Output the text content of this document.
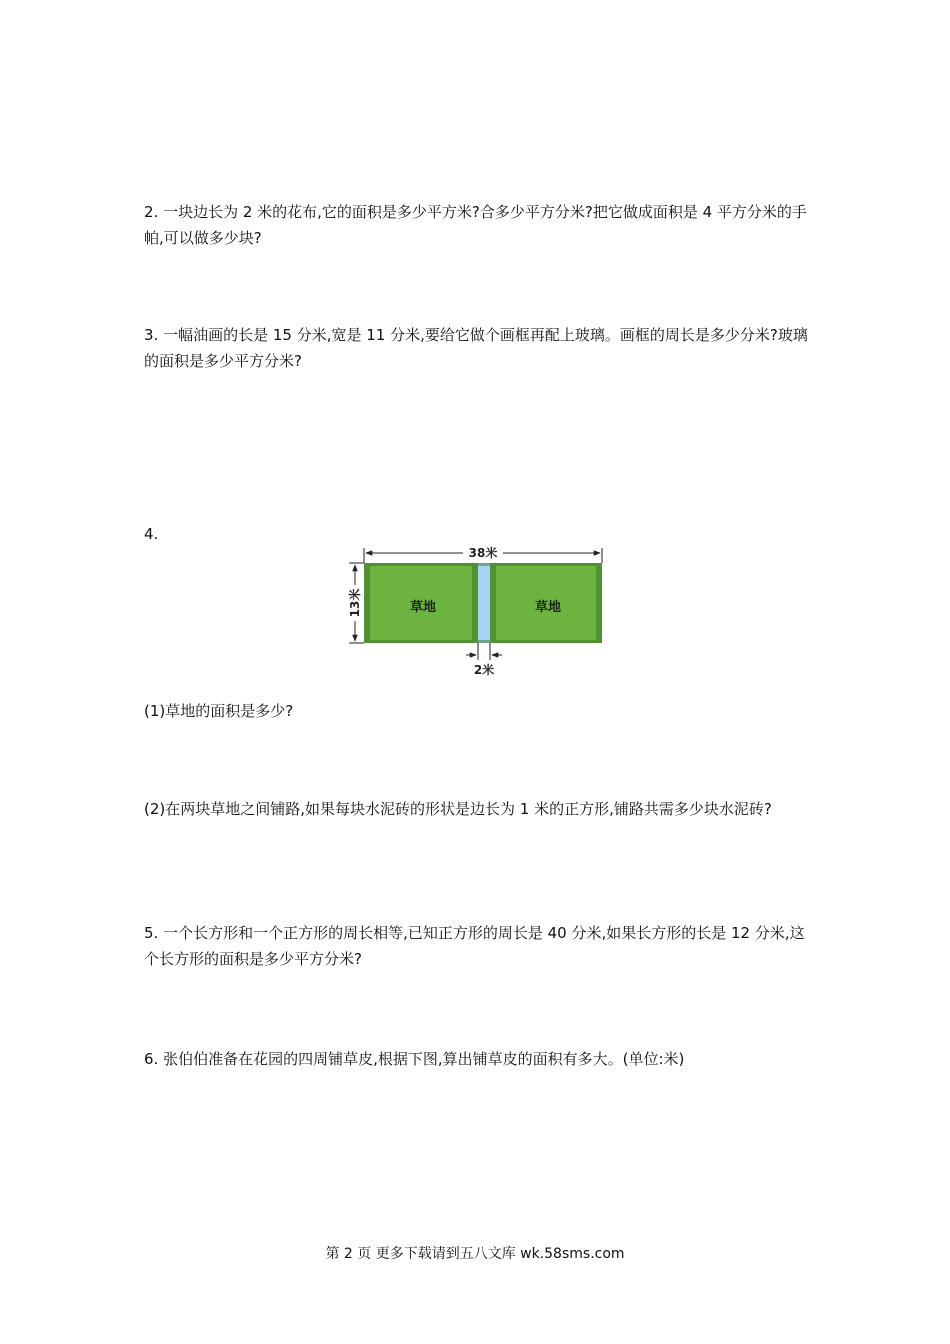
2. 一块边长为 2 米的花布,它的面积是多少平方米?合多少平方分米?把它做成面积是 4 平方分米的手帕,可以做多少块?

3. 一幅油画的长是 15 分米,宽是 11 分米,要给它做个画框再配上玻璃。画框的周长是多少分米?玻璃的面积是多少平方分米?

4.

38米
13米
2米
草地	草地

(1)草地的面积是多少?

(2)在两块草地之间铺路,如果每块水泥砖的形状是边长为 1 米的正方形,铺路共需多少块水泥砖?

5. 一个长方形和一个正方形的周长相等,已知正方形的周长是 40 分米,如果长方形的长是 12 分米,这个长方形的面积是多少平方分米?

6. 张伯伯准备在花园的四周铺草皮,根据下图,算出铺草皮的面积有多大。(单位:米)

第 2 页 更多下载请到五八文库 wk.58sms.com
